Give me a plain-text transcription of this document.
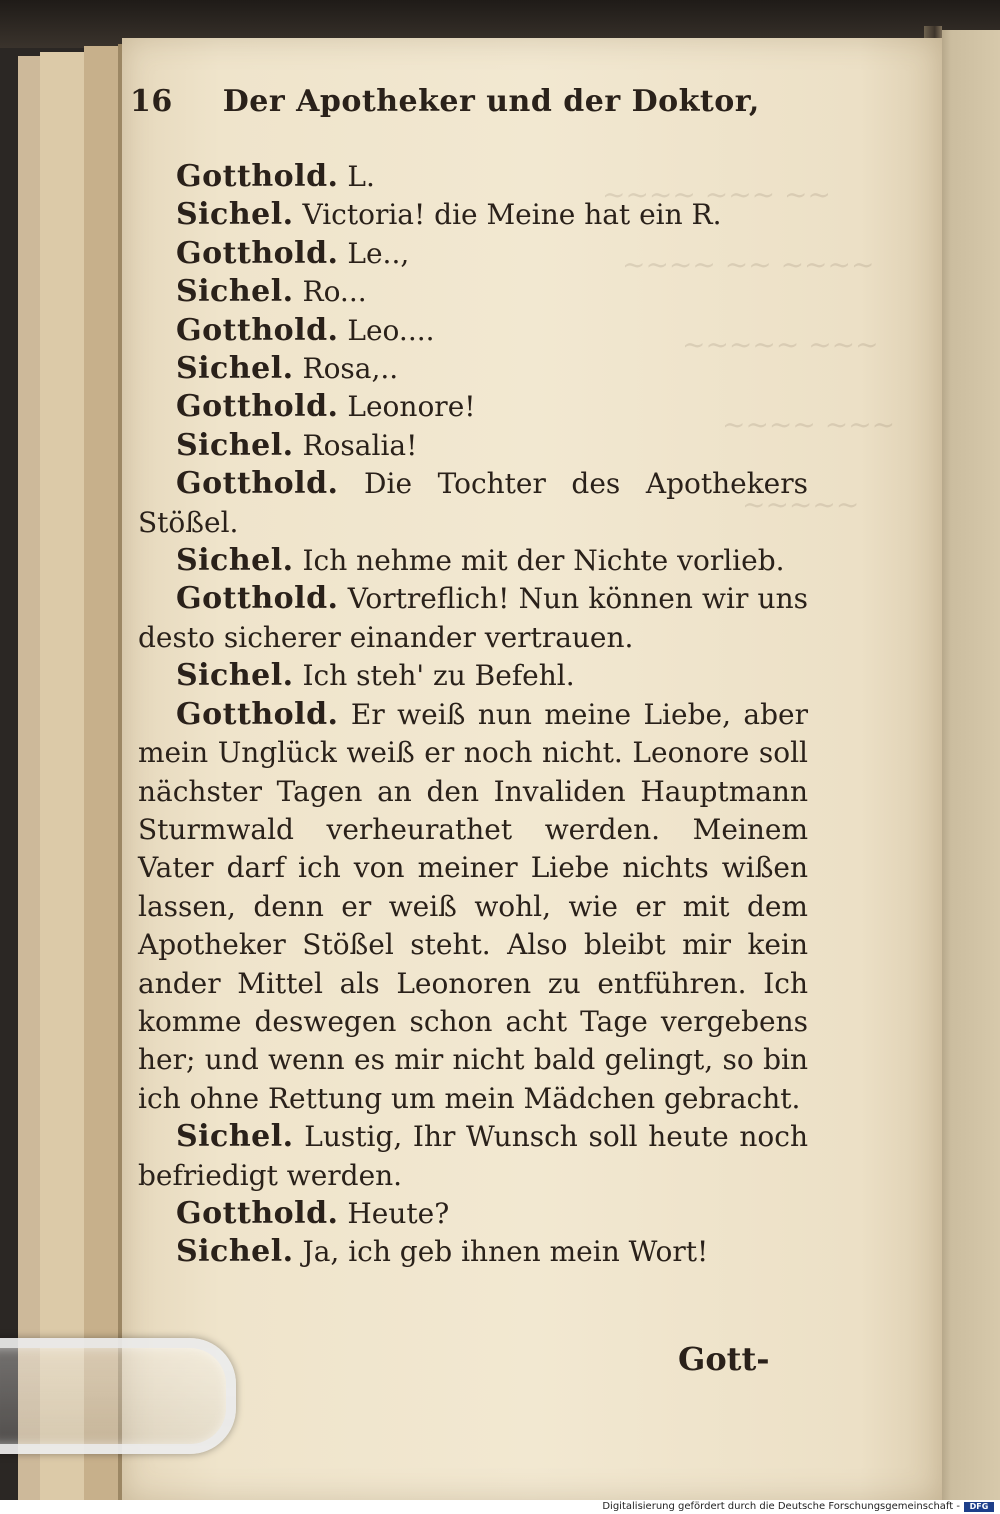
~~~~ ~~~ ~~
~~~~ ~~ ~~~~
~~~~~ ~~~
~~~~ ~~~
~~~~~
16 Der Apotheker und der Doktor,

Gotthold. L.

Sichel. Victoria! die Meine hat ein R.

Gotthold. Le..,

Sichel. Ro...

Gotthold. Leo....

Sichel. Rosa,..

Gotthold. Leonore!

Sichel. Rosalia!

Gotthold. Die Tochter des Apothekers Stößel.

Sichel. Ich nehme mit der Nichte vorlieb.

Gotthold. Vortreflich! Nun können wir uns desto sicherer einander vertrauen.

Sichel. Ich steh' zu Befehl.

Gotthold. Er weiß nun meine Liebe, aber mein Unglück weiß er noch nicht. Leonore soll nächster Tagen an den Invaliden Hauptmann Sturmwald verheurathet werden. Meinem Vater darf ich von meiner Liebe nichts wißen lassen, denn er weiß wohl, wie er mit dem Apotheker Stößel steht. Also bleibt mir kein ander Mittel als Leonoren zu entführen. Ich komme deswegen schon acht Tage vergebens her; und wenn es mir nicht bald gelingt, so bin ich ohne Rettung um mein Mädchen gebracht.

Sichel. Lustig, Ihr Wunsch soll heute noch befriedigt werden.

Gotthold. Heute?

Sichel. Ja, ich geb ihnen mein Wort!

Gott-
Digitalisierung gefördert durch die Deutsche Forschungsgemeinschaft -	DFG
